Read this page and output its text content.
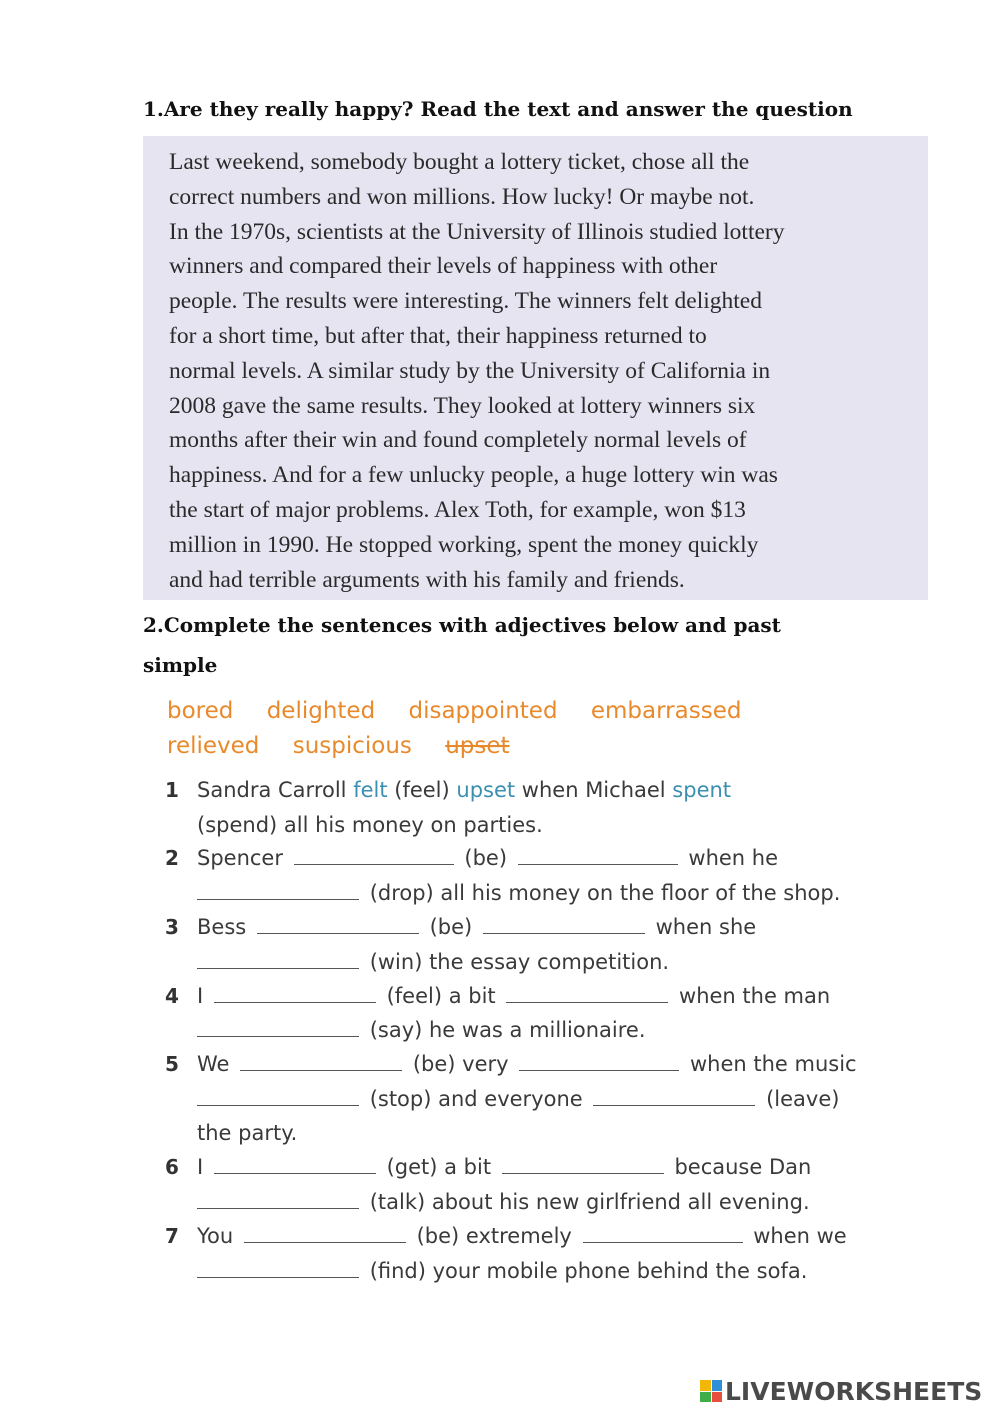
1.Are they really happy? Read the text and answer the question
Last weekend, somebody bought a lottery ticket, chose all the
correct numbers and won millions. How lucky! Or maybe not.
In the 1970s, scientists at the University of Illinois studied lottery
winners and compared their levels of happiness with other
people. The results were interesting. The winners felt delighted
for a short time, but after that, their happiness returned to
normal levels. A similar study by the University of California in
2008 gave the same results. They looked at lottery winners six
months after their win and found completely normal levels of
happiness. And for a few unlucky people, a huge lottery win was
the start of major problems. Alex Toth, for example, won $13
million in 1990. He stopped working, spent the money quickly
and had terrible arguments with his family and friends.
2.Complete the sentences with adjectives below and past
simple
bored delighted disappointed embarrassed
relieved suspicious upset
1 Sandra Carroll felt (feel) upset when Michael spent
(spend) all his money on parties.
2 Spencer	(be)	when he
(drop) all his money on the floor of the shop.
3 Bess	(be)	when she
(win) the essay competition.
4 I	(feel) a bit	when the man
(say) he was a millionaire.
5 We	(be) very	when the music
(stop) and everyone	(leave)
the party.
6 I	(get) a bit	because Dan
(talk) about his new girlfriend all evening.
7 You	(be) extremely	when we
(find) your mobile phone behind the sofa.
LIVEWORKSHEETS
